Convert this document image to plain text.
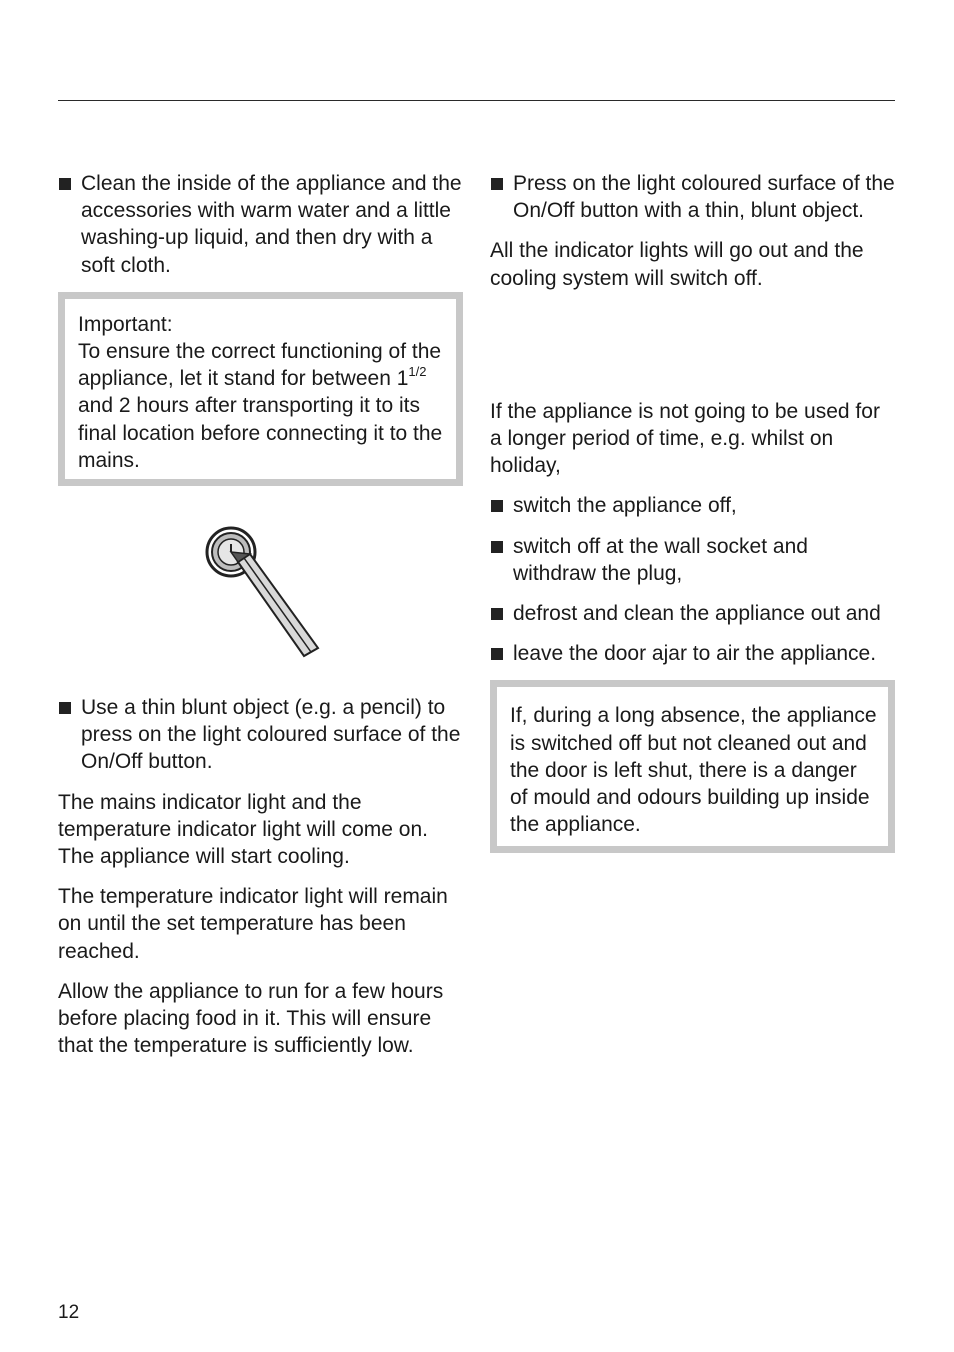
Clean the inside of the appliance and the accessories with warm water and a little washing-up liquid, and then dry with a soft cloth.

Important:

To ensure the correct functioning of the appliance, let it stand for between $1^{1/2}$ and 2 hours after transporting it to its final location before connecting it to the mains.

Use a thin blunt object (e.g. a pencil) to press on the light coloured surface of the On/Off button.

The mains indicator light and the temperature indicator light will come on.
The appliance will start cooling.

The temperature indicator light will remain on until the set temperature has been reached.

Allow the appliance to run for a few hours before placing food in it. This will ensure that the temperature is sufficiently low.

Press on the light coloured surface of the On/Off button with a thin, blunt object.

All the indicator lights will go out and the cooling system will switch off.

If the appliance is not going to be used for a longer period of time, e.g. whilst on holiday,

switch the appliance off,
switch off at the wall socket and withdraw the plug,
defrost and clean the appliance out and
leave the door ajar to air the appliance.

If, during a long absence, the appliance is switched off but not cleaned out and the door is left shut, there is a danger of mould and odours building up inside the appliance.

12
